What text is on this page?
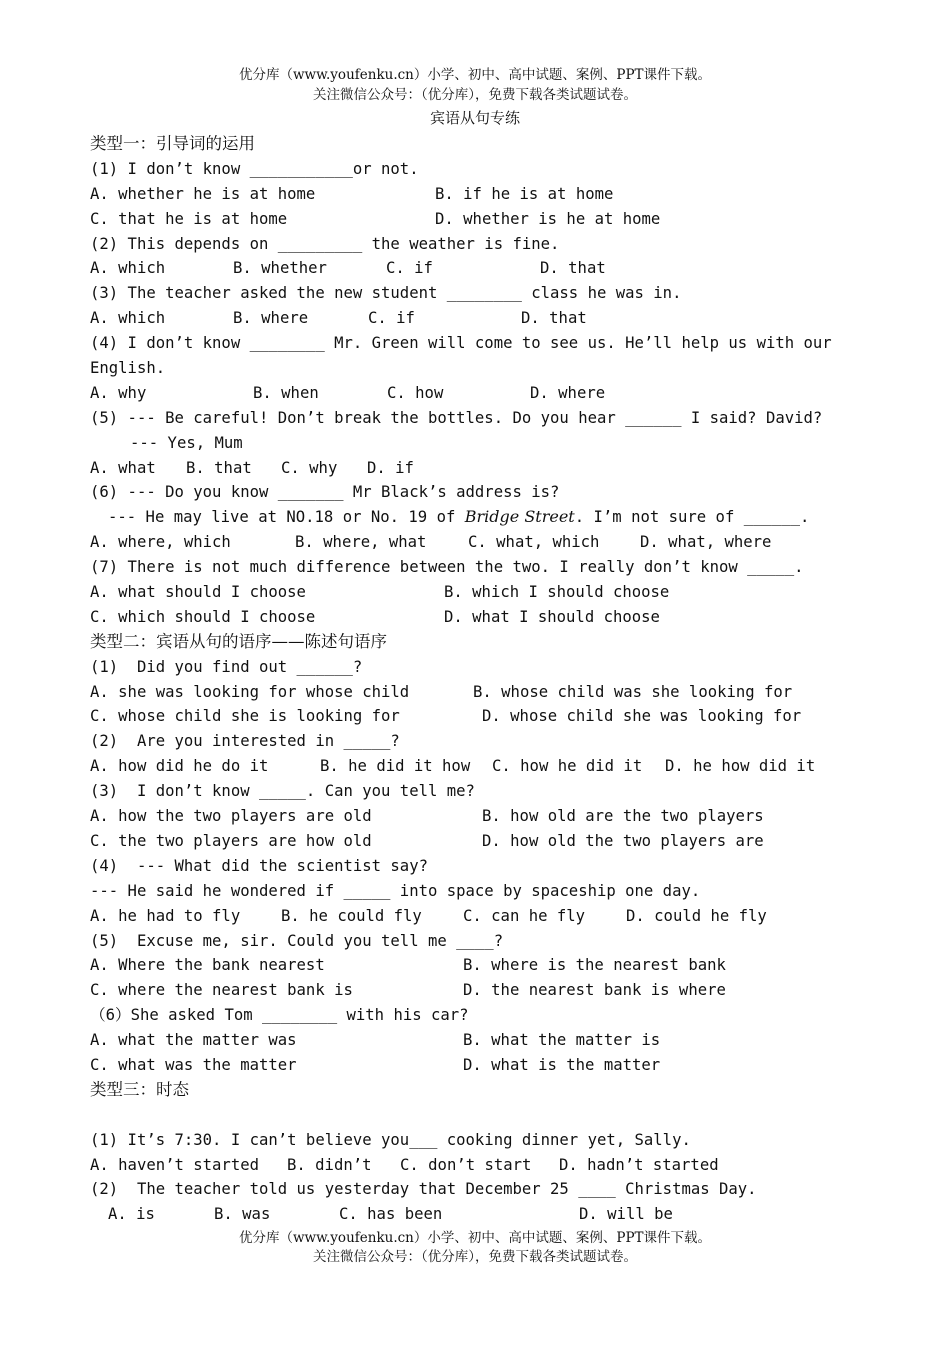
优分库（www.youfenku.cn）小学、初中、高中试题、案例、PPT课件下载。
关注微信公众号：（优分库），免费下载各类试题试卷。
宾语从句专练
类型一：引导词的运用
(1) I don’t know ___________or not.

A. whether he is at home

	B. if he is at home

C. that he is at home

	D. whether is he at home

(2) This depends on _________ the weather is fine.

A. which

	B. whether

	C. if

	D. that

(3) The teacher asked the new student ________ class he was in.

A. which

	B. where

	C. if

	D. that

(4) I don’t know ________ Mr. Green will come to see us. He’ll help us with our
English.

A. why

	B. when

	C. how

	D. where

(5) --- Be careful! Don’t break the bottles. Do you hear ______ I said? David?
--- Yes, Mum

A. what

B. that

C. why

D. if

(6) --- Do you know _______ Mr Black’s address is?
--- He may live at NO.18 or No. 19 of Bridge Street. I’m not sure of ______.

A. where, which

	B. where, what

	C. what, which

	D. what, where

(7) There is not much difference between the two. I really don’t know _____.

A. what should I choose

	B. which I should choose

C. which should I choose

	D. what I should choose

类型二：宾语从句的语序——陈述句语序
(1)  Did you find out ______?

A. she was looking for whose child

	B. whose child was she looking for

C. whose child she is looking for

	D. whose child she was looking for

(2)  Are you interested in _____?

A. how did he do it

	B. he did it how

C. how he did it

D. he how did it

(3)  I don’t know _____. Can you tell me?

A. how the two players are old

	B. how old are the two players

C. the two players are how old

	D. how old the two players are

(4)  --- What did the scientist say?
--- He said he wondered if _____ into space by spaceship one day.

A. he had to fly

	B. he could fly

	C. can he fly

	D. could he fly

(5)  Excuse me, sir. Could you tell me ____?

A. Where the bank nearest

	B. where is the nearest bank

C. where the nearest bank is

	D. the nearest bank is where

（6）She asked Tom ________ with his car?

A. what the matter was

	B. what the matter is

C. what was the matter

	D. what is the matter

类型三：时态
(1) It’s 7:30. I can’t believe you___ cooking dinner yet, Sally.

A. haven’t started

B. didn’t

C. don’t start

D. hadn’t started

(2)  The teacher told us yesterday that December 25 ____ Christmas Day.

A. is

	B. was

	C. has been

	D. will be

优分库（www.youfenku.cn）小学、初中、高中试题、案例、PPT课件下载。
关注微信公众号：（优分库），免费下载各类试题试卷。
